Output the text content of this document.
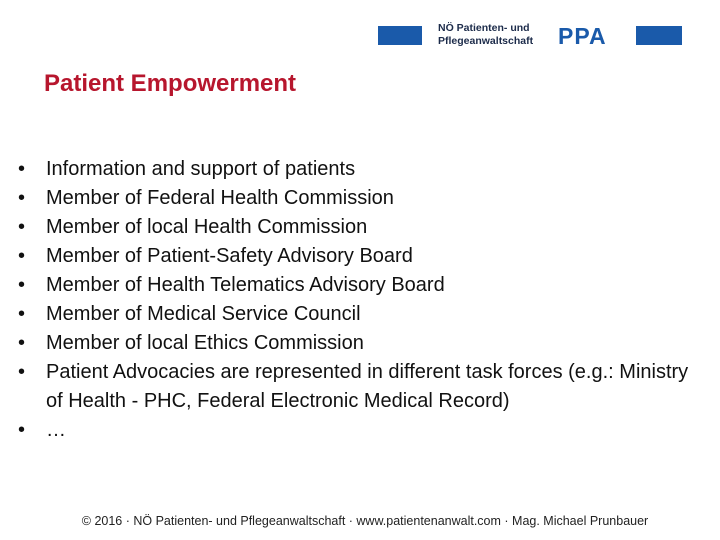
NÖ Patienten- und
Pflegeanwaltschaft	PPA
Patient Empowerment
• Information and support of patients
• Member of Federal Health Commission
• Member of local Health Commission
• Member of Patient-Safety Advisory Board
• Member of Health Telematics Advisory Board
• Member of Medical Service Council
• Member of local Ethics Commission
• Patient Advocacies are represented in different task forces (e.g.: Ministry of Health - PHC, Federal Electronic Medical Record)
• …
© 2016 · NÖ Patienten- und Pflegeanwaltschaft · www.patientenanwalt.com · Mag. Michael Prunbauer
